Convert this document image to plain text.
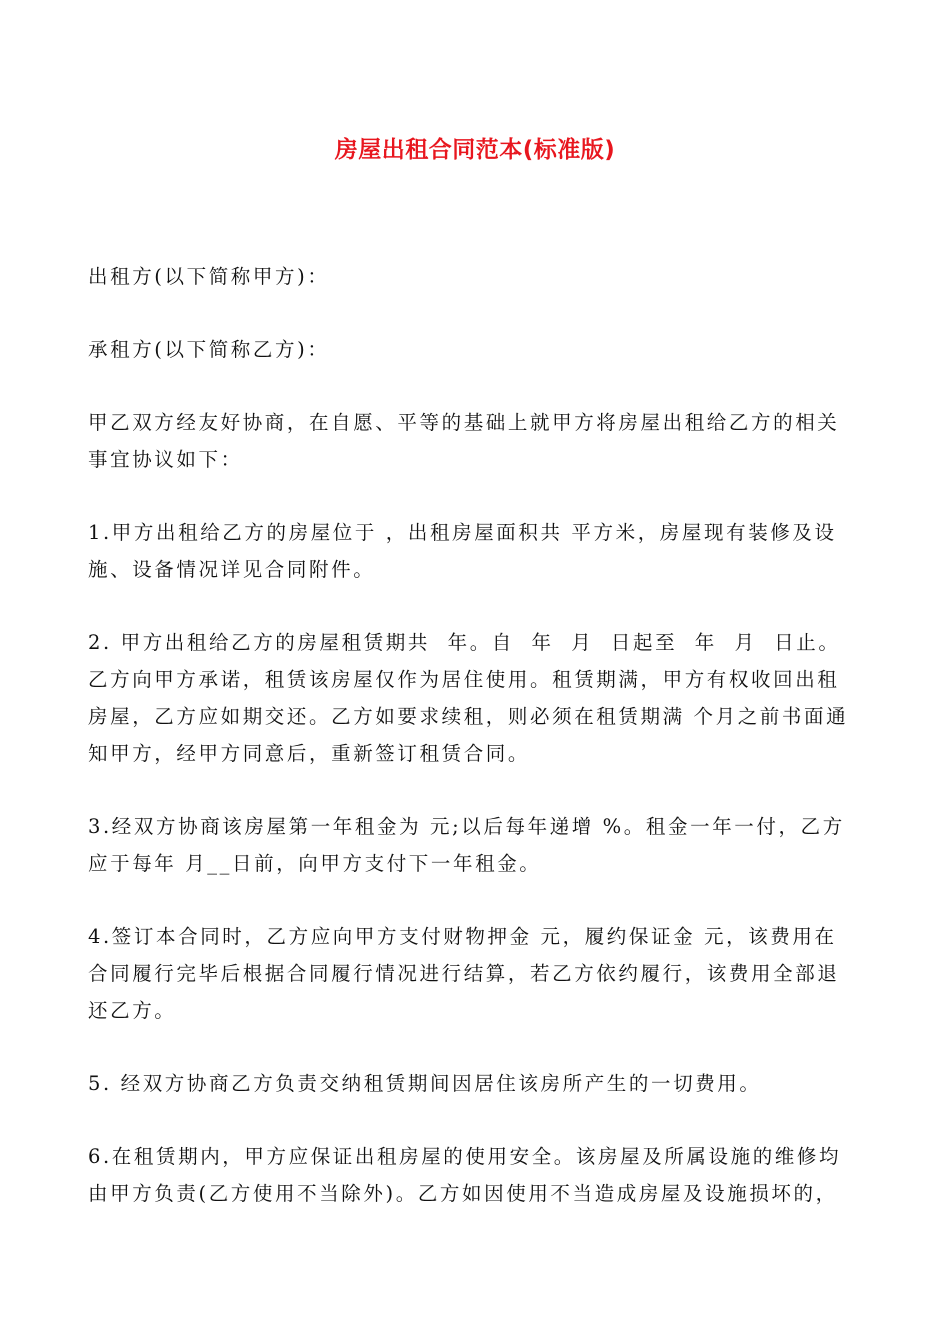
房屋出租合同范本(标准版)
出租方(以下简称甲方)：
承租方(以下简称乙方)：
甲乙双方经友好协商，在自愿、平等的基础上就甲方将房屋出租给乙方的相关
事宜协议如下：
1.甲方出租给乙方的房屋位于 ，出租房屋面积共 平方米，房屋现有装修及设
施、设备情况详见合同附件。
2. 甲方出租给乙方的房屋租赁期共  年。自  年  月  日起至  年  月  日止。
乙方向甲方承诺，租赁该房屋仅作为居住使用。租赁期满，甲方有权收回出租
房屋，乙方应如期交还。乙方如要求续租，则必须在租赁期满 个月之前书面通
知甲方，经甲方同意后，重新签订租赁合同。
3.经双方协商该房屋第一年租金为 元;以后每年递增 %。租金一年一付，乙方
应于每年 月__日前，向甲方支付下一年租金。
4.签订本合同时，乙方应向甲方支付财物押金 元，履约保证金 元，该费用在
合同履行完毕后根据合同履行情况进行结算，若乙方依约履行，该费用全部退
还乙方。
5. 经双方协商乙方负责交纳租赁期间因居住该房所产生的一切费用。
6.在租赁期内，甲方应保证出租房屋的使用安全。该房屋及所属设施的维修均
由甲方负责(乙方使用不当除外)。乙方如因使用不当造成房屋及设施损坏的，
